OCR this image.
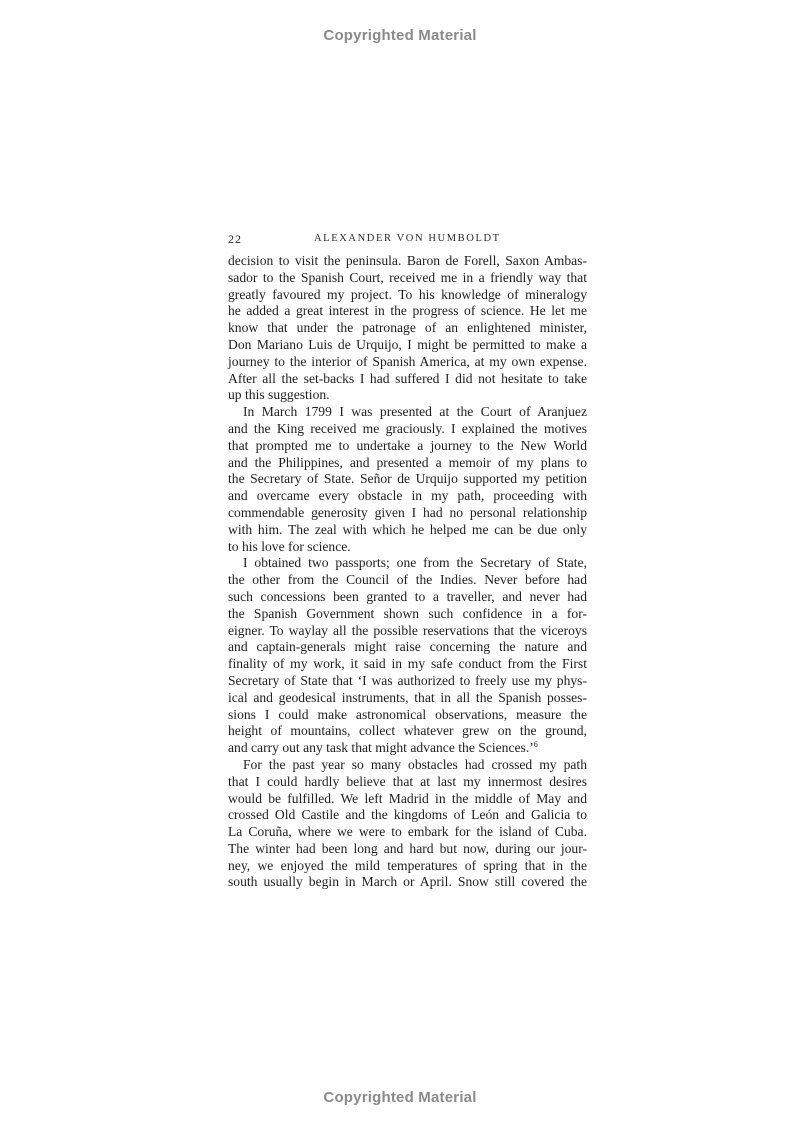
Copyrighted Material
22	ALEXANDER VON HUMBOLDT

decision to visit the peninsula. Baron de Forell, Saxon Ambas-
sador to the Spanish Court, received me in a friendly way that
greatly favoured my project. To his knowledge of mineralogy
he added a great interest in the progress of science. He let me
know that under the patronage of an enlightened minister,
Don Mariano Luis de Urquijo, I might be permitted to make a
journey to the interior of Spanish America, at my own expense.
After all the set-backs I had suffered I did not hesitate to take
up this suggestion.

In March 1799 I was presented at the Court of Aranjuez
and the King received me graciously. I explained the motives
that prompted me to undertake a journey to the New World
and the Philippines, and presented a memoir of my plans to
the Secretary of State. Señor de Urquijo supported my petition
and overcame every obstacle in my path, proceeding with
commendable generosity given I had no personal relationship
with him. The zeal with which he helped me can be due only
to his love for science.

I obtained two passports; one from the Secretary of State,
the other from the Council of the Indies. Never before had
such concessions been granted to a traveller, and never had
the Spanish Government shown such confidence in a for-
eigner. To waylay all the possible reservations that the viceroys
and captain-generals might raise concerning the nature and
finality of my work, it said in my safe conduct from the First
Secretary of State that ‘I was authorized to freely use my phys-
ical and geodesical instruments, that in all the Spanish posses-
sions I could make astronomical observations, measure the
height of mountains, collect whatever grew on the ground,
and carry out any task that might advance the Sciences.’$^6$

For the past year so many obstacles had crossed my path
that I could hardly believe that at last my innermost desires
would be fulfilled. We left Madrid in the middle of May and
crossed Old Castile and the kingdoms of León and Galicia to
La Coruña, where we were to embark for the island of Cuba.
The winter had been long and hard but now, during our jour-
ney, we enjoyed the mild temperatures of spring that in the
south usually begin in March or April. Snow still covered the

Copyrighted Material
